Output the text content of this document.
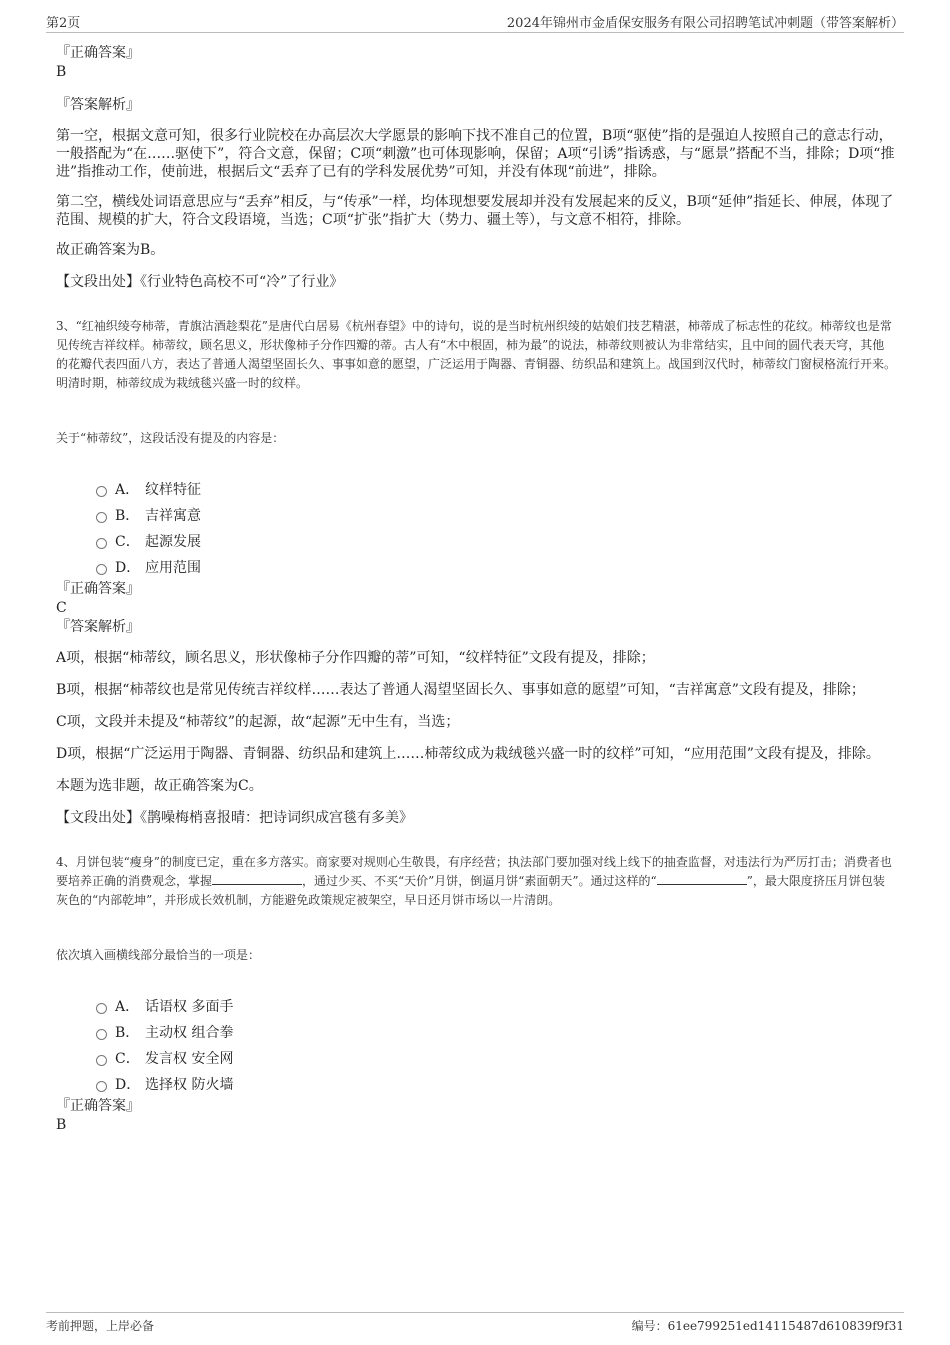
第2页	2024年锦州市金盾保安服务有限公司招聘笔试冲刺题（带答案解析）
『正确答案』
B
『答案解析』

第一空，根据文意可知，很多行业院校在办高层次大学愿景的影响下找不准自己的位置，B项“驱使”指的是强迫人按照自己的意志行动，一般搭配为“在……驱使下”，符合文意，保留；C项“刺激”也可体现影响，保留；A项“引诱”指诱惑，与“愿景”搭配不当，排除；D项“推进”指推动工作，使前进，根据后文“丢弃了已有的学科发展优势”可知，并没有体现“前进”，排除。

第二空，横线处词语意思应与“丢弃”相反，与“传承”一样，均体现想要发展却并没有发展起来的反义，B项“延伸”指延长、伸展，体现了范围、规模的扩大，符合文段语境，当选；C项“扩张”指扩大（势力、疆土等），与文意不相符，排除。

故正确答案为B。

【文段出处】《行业特色高校不可“冷”了行业》

3、“红袖织绫夸柿蒂，青旗沽酒趁梨花”是唐代白居易《杭州春望》中的诗句，说的是当时杭州织绫的姑娘们技艺精湛，柿蒂成了标志性的花纹。柿蒂纹也是常见传统吉祥纹样。柿蒂纹，顾名思义，形状像柿子分作四瓣的蒂。古人有“木中根固，柿为最”的说法，柿蒂纹则被认为非常结实，且中间的圆代表天穹，其他的花瓣代表四面八方，表达了普通人渴望坚固长久、事事如意的愿望，广泛运用于陶器、青铜器、纺织品和建筑上。战国到汉代时，柿蒂纹门窗棂格流行开来。明清时期，柿蒂纹成为栽绒毯兴盛一时的纹样。

关于“柿蒂纹”，这段话没有提及的内容是：

A． 纹样特征
B． 吉祥寓意
C． 起源发展
D． 应用范围
『正确答案』
C
『答案解析』

A项，根据“柿蒂纹，顾名思义，形状像柿子分作四瓣的蒂”可知，“纹样特征”文段有提及，排除；

B项，根据“柿蒂纹也是常见传统吉祥纹样……表达了普通人渴望坚固长久、事事如意的愿望”可知，“吉祥寓意”文段有提及，排除；

C项，文段并未提及“柿蒂纹”的起源，故“起源”无中生有，当选；

D项，根据“广泛运用于陶器、青铜器、纺织品和建筑上……柿蒂纹成为栽绒毯兴盛一时的纹样”可知，“应用范围”文段有提及，排除。

本题为选非题，故正确答案为C。

【文段出处】《鹊噪梅梢喜报晴：把诗词织成宫毯有多美》

4、月饼包装“瘦身”的制度已定，重在多方落实。商家要对规则心生敬畏，有序经营；执法部门要加强对线上线下的抽查监督，对违法行为严厉打击；消费者也要培养正确的消费观念，掌握	，通过少买、不买“天价”月饼，倒逼月饼“素面朝天”。通过这样的“	”，最大限度挤压月饼包装灰色的“内部乾坤”，并形成长效机制，方能避免政策规定被架空，早日还月饼市场以一片清朗。

依次填入画横线部分最恰当的一项是：

A． 话语权 多面手
B． 主动权 组合拳
C． 发言权 安全网
D． 选择权 防火墙
『正确答案』
B
考前押题，上岸必备	编号：61ee799251ed14115487d610839f9f31
